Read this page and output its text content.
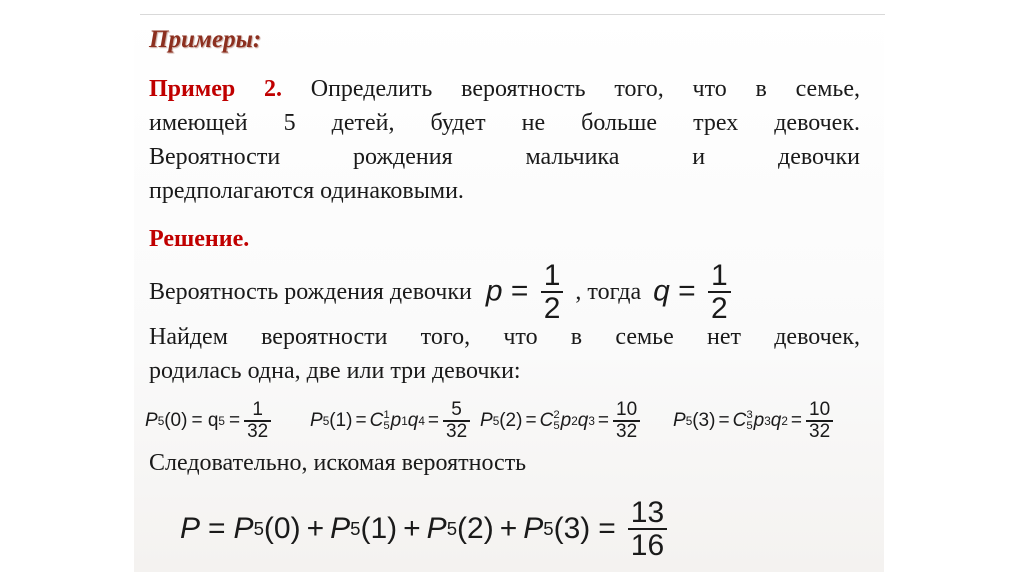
Примеры:
Пример 2. Определить вероятность того, что в семье,
имеющей 5 детей, будет не больше трех девочек.
Вероятности рождения мальчика и девочки
предполагаются одинаковыми.
Решение.
Вероятность рождения девочки $p = \frac{1}{2}$ , тогда $q = \frac{1}{2}$
Найдем вероятности того, что в семье нет девочек,
родилась одна, две или три девочки:
P 5 (0) = q $5 = \frac{1}{32}$ P 5 (1) = C 1
5 p 1 q $4 = \frac{5}{32}$ P 5 (2) = C 2
5 p 2 q $3 = \frac{10}{32}$ P 5 (3) = C 3
5 p 3 q $2 = \frac{10}{32}$
Следовательно, искомая вероятность
P = P 5 (0) + P 5 (1) + P 5 (2) + P 5 $(3) = \frac{13}{16}$
